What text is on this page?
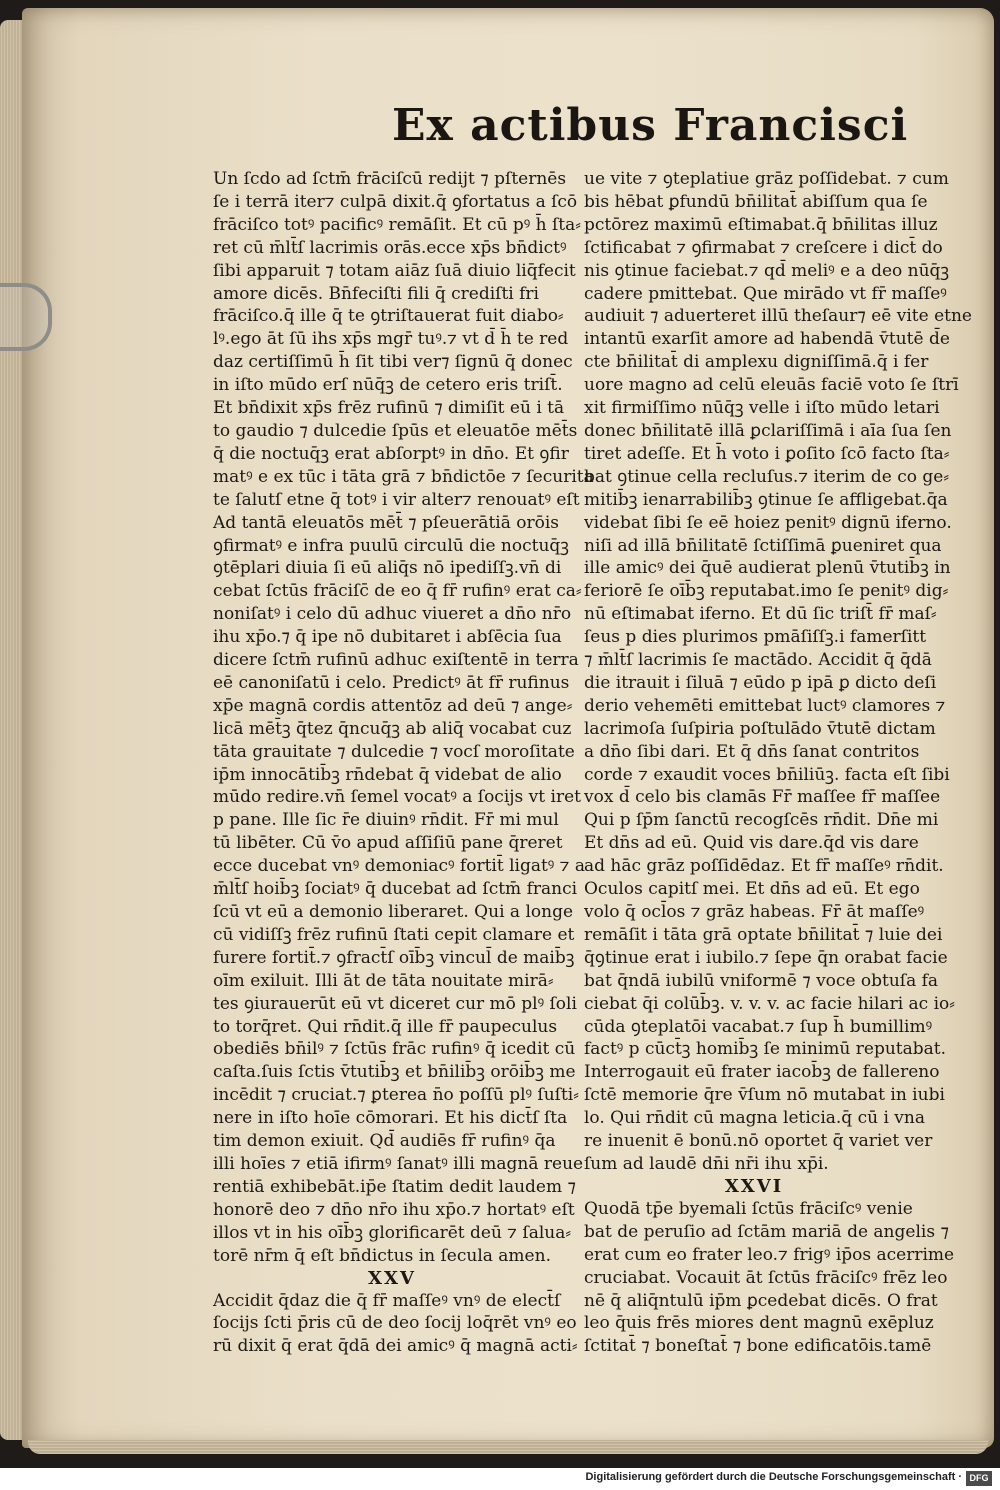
Ex actibus Francisci

Un ſcdo ad ſctm̄ frāciſcū redijt ⁊ pſternēs
ſe i terrā iter⁊ culpā dixit.q̄ ꝯfortatus a ſcō
frāciſco totꝰ pacificꝰ remāſit. Et cū pꝰ h̄ ſta⸗
ret cū m̄lt̄ſ lacrimis orās.ecce xp̄s bn̄dictꝰ
ſibi apparuit ⁊ totam aiāz ſuā diuio liq̄fecit
amore dicēs. Bn̄feciſti fili q̄ crediſti fri
frāciſco.q̄ ille q̄ te ꝯtriſtauerat fuit diabo⸗
lꝰ.ego āt ſū ihs xp̄s mgr̄ tuꝰ.⁊ vt d̄ h̄ te red
daz certiſſimū h̄ ſit tibi ver⁊ ſignū q̄ donec
in iſto mūdo erſ nūq̄ꝫ de cetero eris triſt̄.
Et bn̄dixit xp̄s frēz rufinū ⁊ dimiſit eū i tā
to gaudio ⁊ dulcedie ſpūs et eleuatōe mēt̄s
q̄ die noctuq̄ꝫ erat abſorptꝰ in dn̄o. Et ꝯfir
matꝰ e ex tūc i tāta grā ⁊ bn̄dictōe ⁊ ſecurita
te ſalutſ etne q̄ totꝰ i vir alter⁊ renouatꝰ eſt
Ad tantā eleuatōs mēt̄ ⁊ pſeuerātiā orōis
ꝯfirmatꝰ e infra puulū circulū die noctuq̄ꝫ
ꝯtēplari diuia ſi eū aliq̄s nō ipediſſꝫ.vn̄ di
cebat ſctūs frāciſc̄ de eo q̄ fr̄ rufinꝰ erat ca⸗
noniſatꝰ i celo dū adhuc viueret a dn̄o nr̄o
ihu xp̄o.⁊ q̄ ipe nō dubitaret i abſēcia ſua
dicere ſctm̄ rufinū adhuc exiſtentē in terra
eē canoniſatū i celo. Predictꝰ āt fr̄ rufinus
xp̄e magnā cordis attentōz ad deū ⁊ ange⸗
licā mēt̄ꝫ q̄tez q̄ncuq̄ꝫ ab aliq̄ vocabat cuz
tāta grauitate ⁊ dulcedie ⁊ vocſ moroſitate
ip̄m innocātib̄ꝫ rn̄debat q̄ videbat de alio
mūdo redire.vn̄ ſemel vocatꝰ a ſocijs vt iret
p pane. Ille ſic r̄e diuinꝰ rn̄dit. Fr̄ mi mul
tū libēter. Cū v̄o apud aſſiſiū pane q̄reret
ecce ducebat vnꝰ demoniacꝰ fortit̄ ligatꝰ ⁊ a
m̄lt̄ſ hoib̄ꝫ ſociatꝰ q̄ ducebat ad ſctm̄ franci
ſcū vt eū a demonio liberaret. Qui a longe
cū vidiſſꝫ frēz rufinū ſtati cepit clamare et
furere fortit̄.⁊ ꝯfract̄ſ oīb̄ꝫ vincul̄ de maib̄ꝫ
oīm exiluit. Illi āt de tāta nouitate mirā⸗
tes ꝯiurauerūt eū vt diceret cur mō plꝰ ſoli
to torq̄ret. Qui rn̄dit.q̄ ille fr̄ paupeculus
obediēs bn̄ilꝰ ⁊ ſctūs frāc rufinꝰ q̄ icedit cū
caſta.ſuis ſctis v̄tutib̄ꝫ et bn̄ilib̄ꝫ orōib̄ꝫ me
incēdit ⁊ cruciat.⁊ ꝑterea n̄o poſſū plꝰ ſuſti⸗
nere in iſto hoīe cōmorari. Et his dict̄ſ ſta
tim demon exiuit. Qd̄ audiēs fr̄ rufinꝰ q̄a
illi hoīes ⁊ etiā ifirmꝰ ſanatꝰ illi magnā reue
rentiā exhibebāt.ip̄e ſtatim dedit laudem ⁊
honorē deo ⁊ dn̄o nr̄o ihu xp̄o.⁊ hortatꝰ eſt
illos vt in his oīb̄ꝫ glorificarēt deū ⁊ ſalua⸗
torē nr̄m q̄ eſt bn̄dictus in ſecula amen.

XXV

Accidit q̄daz die q̄ fr̄ maſſeꝰ vnꝰ de elect̄ſ
ſocijs ſcti p̄ris cū de deo ſocij loq̄rēt vnꝰ eo
rū dixit q̄ erat q̄dā dei amicꝰ q̄ magnā acti⸗

ue vite ⁊ ꝯteplatiue grāz poſſidebat. ⁊ cum
bis hēbat ꝑfundū bn̄ilitat̄ abiſſum qua ſe
pctōrez maximū eſtimabat.q̄ bn̄ilitas illuz
ſctificabat ⁊ ꝯfirmabat ⁊ creſcere i dict̄ do
nis ꝯtinue faciebat.⁊ qd̄ meliꝰ e a deo nūq̄ꝫ
cadere pmittebat. Que mirādo vt fr̄ maſſeꝰ
audiuit ⁊ aduerteret illū theſaur⁊ eē vite etne
intantū exarſit amore ad habendā v̄tutē d̄e
cte bn̄ilitat̄ di amplexu digniſſimā.q̄ i fer
uore magno ad celū eleuās faciē voto ſe ſtrī
xit firmiſſimo nūq̄ꝫ velle i iſto mūdo letari
donec bn̄ilitatē illā ꝑclariſſimā i aīa ſua ſen
tiret adeſſe. Et h̄ voto i ꝑoſito ſcō facto ſta⸗
bat ꝯtinue cella recluſus.⁊ iterim de co ge⸗
mitib̄ꝫ ienarrabilib̄ꝫ ꝯtinue ſe affligebat.q̄a
videbat ſibi ſe eē hoiez penitꝰ dignū iferno.
niſi ad illā bn̄ilitatē ſctiſſimā ꝑueniret qua
ille amicꝰ dei q̄uē audierat plenū v̄tutib̄ꝫ in
feriorē ſe oīb̄ꝫ reputabat.imo ſe penitꝰ dig⸗
nū eſtimabat iferno. Et dū ſic triſt̄ fr̄ maſ⸗
ſeus p dies plurimos pmāſiſſꝫ.i famerſitt
⁊ m̄lt̄ſ lacrimis ſe mactādo. Accidit q̄ q̄dā
die itrauit i ſiluā ⁊ eūdo p ipā ꝑ dicto deſi
derio vehemēti emittebat luctꝰ clamores ⁊
lacrimoſa ſuſpiria poſtulādo v̄tutē dictam
a dn̄o ſibi dari. Et q̄ dn̄s ſanat contritos
corde ⁊ exaudit voces bn̄iliūꝫ. facta eſt ſibi
vox d̄ celo bis clamās Fr̄ maſſee fr̄ maſſee
Qui p ſp̄m ſanctū recogſcēs rn̄dit. Dn̄e mi
Et dn̄s ad eū. Quid vis dare.q̄d vis dare
ad hāc grāz poſſidēdaz. Et fr̄ maſſeꝰ rn̄dit.
Oculos capitſ mei. Et dn̄s ad eū. Et ego
volo q̄ ocl̄os ⁊ grāz habeas. Fr̄ āt maſſeꝰ
remāſit i tāta grā optate bn̄ilitat̄ ⁊ luie dei
q̄ꝯtinue erat i iubilo.⁊ ſepe q̄n orabat facie
bat q̄ndā iubilū vniformē ⁊ voce obtuſa fa
ciebat q̄i colūb̄ꝫ. v. v. v. ac facie hilari ac io⸗
cūda ꝯteplatōi vacabat.⁊ ſup h̄ bumillimꝰ
factꝰ p cūct̄ꝫ homib̄ꝫ ſe minimū reputabat.
Interrogauit eū frater iacob̄ꝫ de fallereno
ſctē memorie q̄re v̄ſum nō mutabat in iubi
lo. Qui rn̄dit cū magna leticia.q̄ cū i vna
re inuenit ē bonū.nō oportet q̄ variet ver
ſum ad laudē dn̄i nr̄i ihu xp̄i.

XXVI

Quodā tp̄e byemali ſctūs frāciſcꝰ venie
bat de peruſio ad ſctām mariā de angelis ⁊
erat cum eo frater leo.⁊ frigꝰ ip̄os acerrime
cruciabat. Vocauit āt ſctūs frāciſcꝰ frēz leo
nē q̄ aliq̄ntulū ip̄m ꝑcedebat dicēs. O frat
leo q̄uis frēs miores dent magnū exēpluz
ſctitat̄ ⁊ boneſtat̄ ⁊ bone edificatōis.tamē

Digitalisierung gefördert durch die Deutsche Forschungsgemeinschaft · DFG
